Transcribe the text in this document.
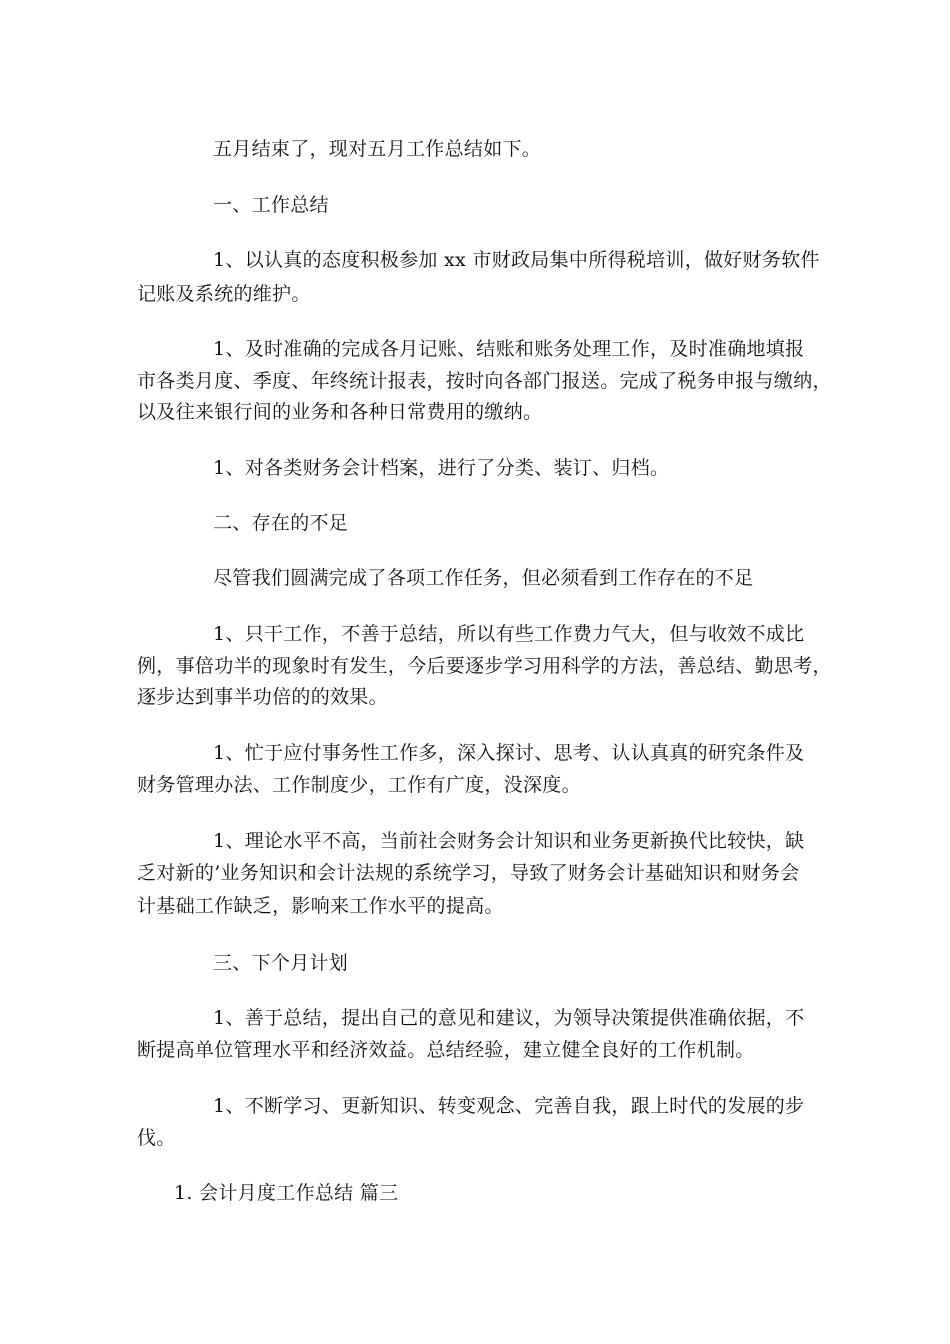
五月结束了，现对五月工作总结如下。
一、工作总结
1、以认真的态度积极参加 xx 市财政局集中所得税培训，做好财务软件
记账及系统的维护。
1、及时准确的完成各月记账、结账和账务处理工作，及时准确地填报
市各类月度、季度、年终统计报表，按时向各部门报送。完成了税务申报与缴纳，
以及往来银行间的业务和各种日常费用的缴纳。
1、对各类财务会计档案，进行了分类、装订、归档。
二、存在的不足
尽管我们圆满完成了各项工作任务，但必须看到工作存在的不足
1、只干工作，不善于总结，所以有些工作费力气大，但与收效不成比
例，事倍功半的现象时有发生，今后要逐步学习用科学的方法，善总结、勤思考，
逐步达到事半功倍的的效果。
1、忙于应付事务性工作多，深入探讨、思考、认认真真的研究条件及
财务管理办法、工作制度少，工作有广度，没深度。
1、理论水平不高，当前社会财务会计知识和业务更新换代比较快，缺
乏对新的’业务知识和会计法规的系统学习，导致了财务会计基础知识和财务会
计基础工作缺乏，影响来工作水平的提高。
三、下个月计划
1、善于总结，提出自己的意见和建议，为领导决策提供准确依据，不
断提高单位管理水平和经济效益。总结经验，建立健全良好的工作机制。
1、不断学习、更新知识、转变观念、完善自我，跟上时代的发展的步
伐。
1. 会计月度工作总结 篇三
